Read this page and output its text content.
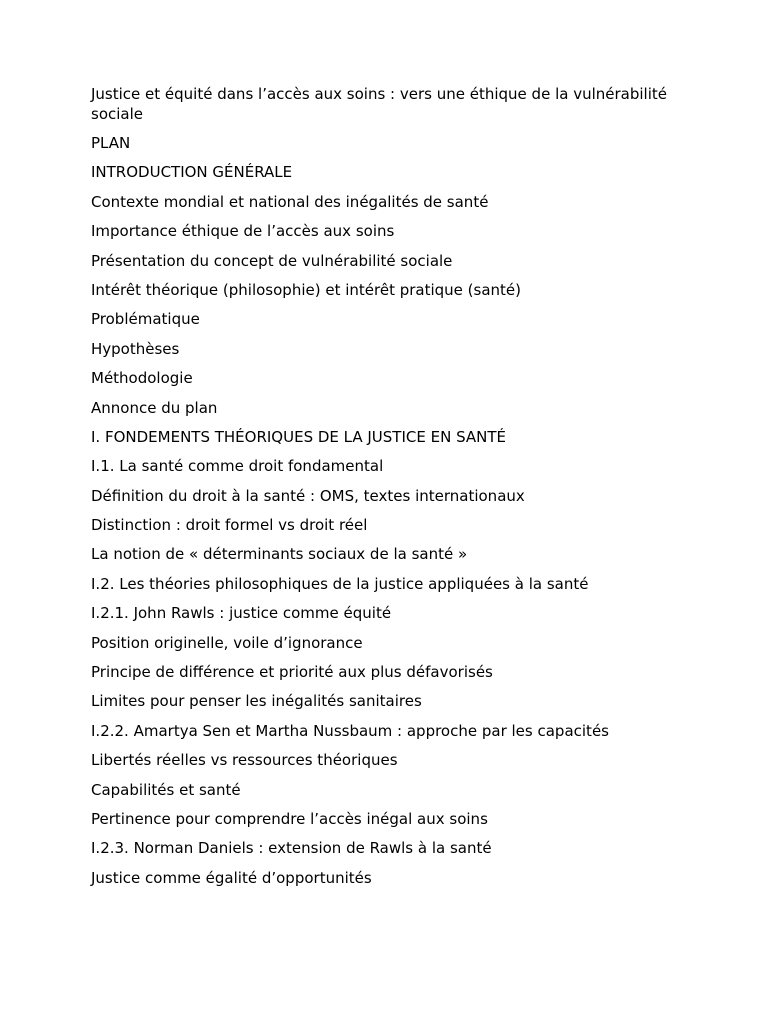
Justice et équité dans l’accès aux soins : vers une éthique de la vulnérabilité sociale
PLAN
INTRODUCTION GÉNÉRALE
Contexte mondial et national des inégalités de santé
Importance éthique de l’accès aux soins
Présentation du concept de vulnérabilité sociale
Intérêt théorique (philosophie) et intérêt pratique (santé)
Problématique
Hypothèses
Méthodologie
Annonce du plan
I. FONDEMENTS THÉORIQUES DE LA JUSTICE EN SANTÉ
I.1. La santé comme droit fondamental
Définition du droit à la santé : OMS, textes internationaux
Distinction : droit formel vs droit réel
La notion de « déterminants sociaux de la santé »
I.2. Les théories philosophiques de la justice appliquées à la santé
I.2.1. John Rawls : justice comme équité
Position originelle, voile d’ignorance
Principe de différence et priorité aux plus défavorisés
Limites pour penser les inégalités sanitaires
I.2.2. Amartya Sen et Martha Nussbaum : approche par les capacités
Libertés réelles vs ressources théoriques
Capabilités et santé
Pertinence pour comprendre l’accès inégal aux soins
I.2.3. Norman Daniels : extension de Rawls à la santé
Justice comme égalité d’opportunités
